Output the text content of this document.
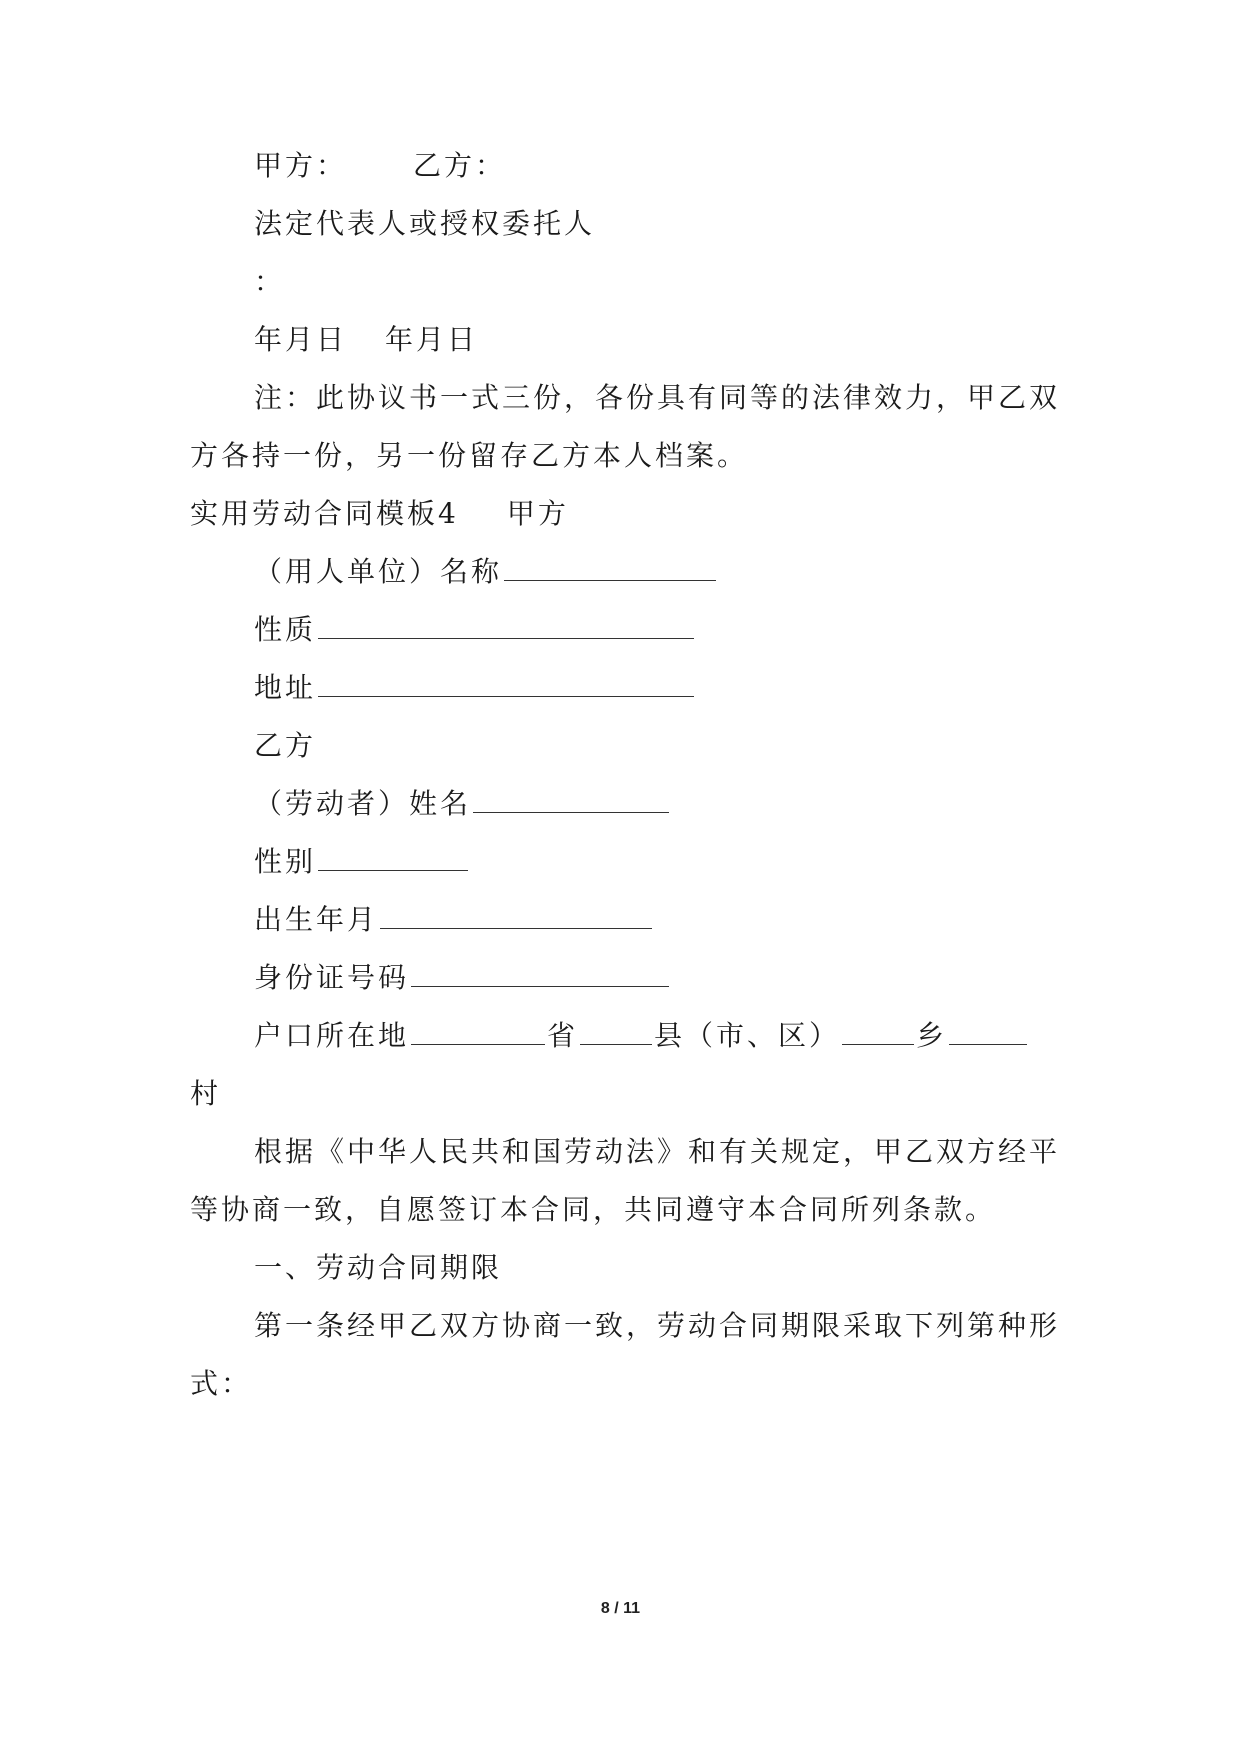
甲方： 乙方：
法定代表人或授权委托人
：
年月日 年月日
注：此协议书一式三份，各份具有同等的法律效力，甲乙双
方各持一份，另一份留存乙方本人档案。
实用劳动合同模板4 甲方
（用人单位）名称
性质
地址
乙方
（劳动者）姓名
性别
出生年月
身份证号码
户口所在地	省	县（市、区）	乡
村
根据《中华人民共和国劳动法》和有关规定，甲乙双方经平
等协商一致，自愿签订本合同，共同遵守本合同所列条款。
一、劳动合同期限
第一条经甲乙双方协商一致，劳动合同期限采取下列第种形
式：
8 / 11
